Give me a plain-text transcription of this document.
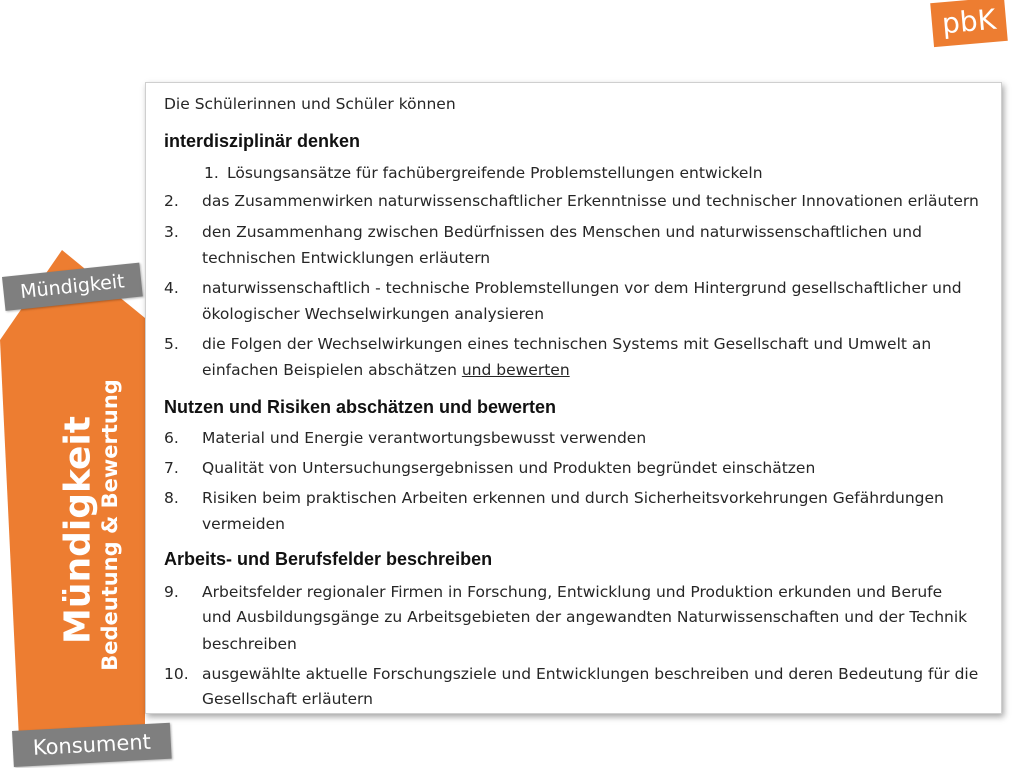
pbK
Mündigkeit
Mündigkeit Bedeutung & Bewertung
Konsument
Die Schülerinnen und Schüler können
interdisziplinär denken
1. Lösungsansätze für fachübergreifende Problemstellungen entwickeln
2. das Zusammenwirken naturwissenschaftlicher Erkenntnisse und technischer Innovationen erläutern
3. den Zusammenhang zwischen Bedürfnissen des Menschen und naturwissenschaftlichen und
technischen Entwicklungen erläutern
4. naturwissenschaftlich - technische Problemstellungen vor dem Hintergrund gesellschaftlicher und
ökologischer Wechselwirkungen analysieren
5. die Folgen der Wechselwirkungen eines technischen Systems mit Gesellschaft und Umwelt an
einfachen Beispielen abschätzen und bewerten
Nutzen und Risiken abschätzen und bewerten
6. Material und Energie verantwortungsbewusst verwenden
7. Qualität von Untersuchungsergebnissen und Produkten begründet einschätzen
8. Risiken beim praktischen Arbeiten erkennen und durch Sicherheitsvorkehrungen Gefährdungen
vermeiden
Arbeits- und Berufsfelder beschreiben
9. Arbeitsfelder regionaler Firmen in Forschung, Entwicklung und Produktion erkunden und Berufe
und Ausbildungsgänge zu Arbeitsgebieten der angewandten Naturwissenschaften und der Technik
beschreiben
10. ausgewählte aktuelle Forschungsziele und Entwicklungen beschreiben und deren Bedeutung für die
Gesellschaft erläutern
